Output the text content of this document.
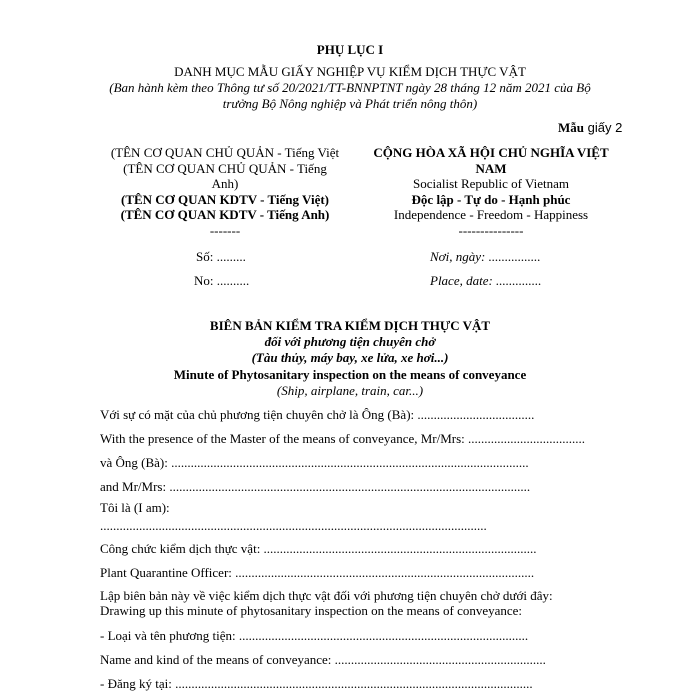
PHỤ LỤC I
DANH MỤC MẪU GIẤY NGHIỆP VỤ KIỂM DỊCH THỰC VẬT
(Ban hành kèm theo Thông tư số 20/2021/TT-BNNPTNT ngày 28 tháng 12 năm 2021 của Bộ
trưởng Bộ Nông nghiệp và Phát triển nông thôn)
Mẫu giấy 2
(TÊN CƠ QUAN CHỦ QUẢN - Tiếng Việt
(TÊN CƠ QUAN CHỦ QUẢN - Tiếng
Anh)
(TÊN CƠ QUAN KDTV - Tiếng Việt)
(TÊN CƠ QUAN KDTV - Tiếng Anh)
-------
Số: .........
No: ..........
CỘNG HÒA XÃ HỘI CHỦ NGHĨA VIỆT
NAM
Socialist Republic of Vietnam
Độc lập - Tự do - Hạnh phúc
Independence - Freedom - Happiness
---------------
Nơi, ngày: ................
Place, date: ..............
BIÊN BẢN KIỂM TRA KIỂM DỊCH THỰC VẬT
đối với phương tiện chuyên chở
(Tàu thủy, máy bay, xe lửa, xe hơi...)
Minute of Phytosanitary inspection on the means of conveyance
(Ship, airplane, train, car...)
Với sự có mặt của chủ phương tiện chuyên chở là Ông (Bà): ....................................
With the presence of the Master of the means of conveyance, Mr/Mrs: ....................................
và Ông (Bà): ..............................................................................................................
and Mr/Mrs: ...............................................................................................................
Tôi là (I am):
.......................................................................................................................
Công chức kiểm dịch thực vật: ....................................................................................
Plant Quarantine Officer: ............................................................................................
Lập biên bản này về việc kiểm dịch thực vật đối với phương tiện chuyên chở dưới đây:
Drawing up this minute of phytosanitary inspection on the means of conveyance:
- Loại và tên phương tiện: .........................................................................................
Name and kind of the means of conveyance: .................................................................
- Đăng ký tại: ..............................................................................................................
